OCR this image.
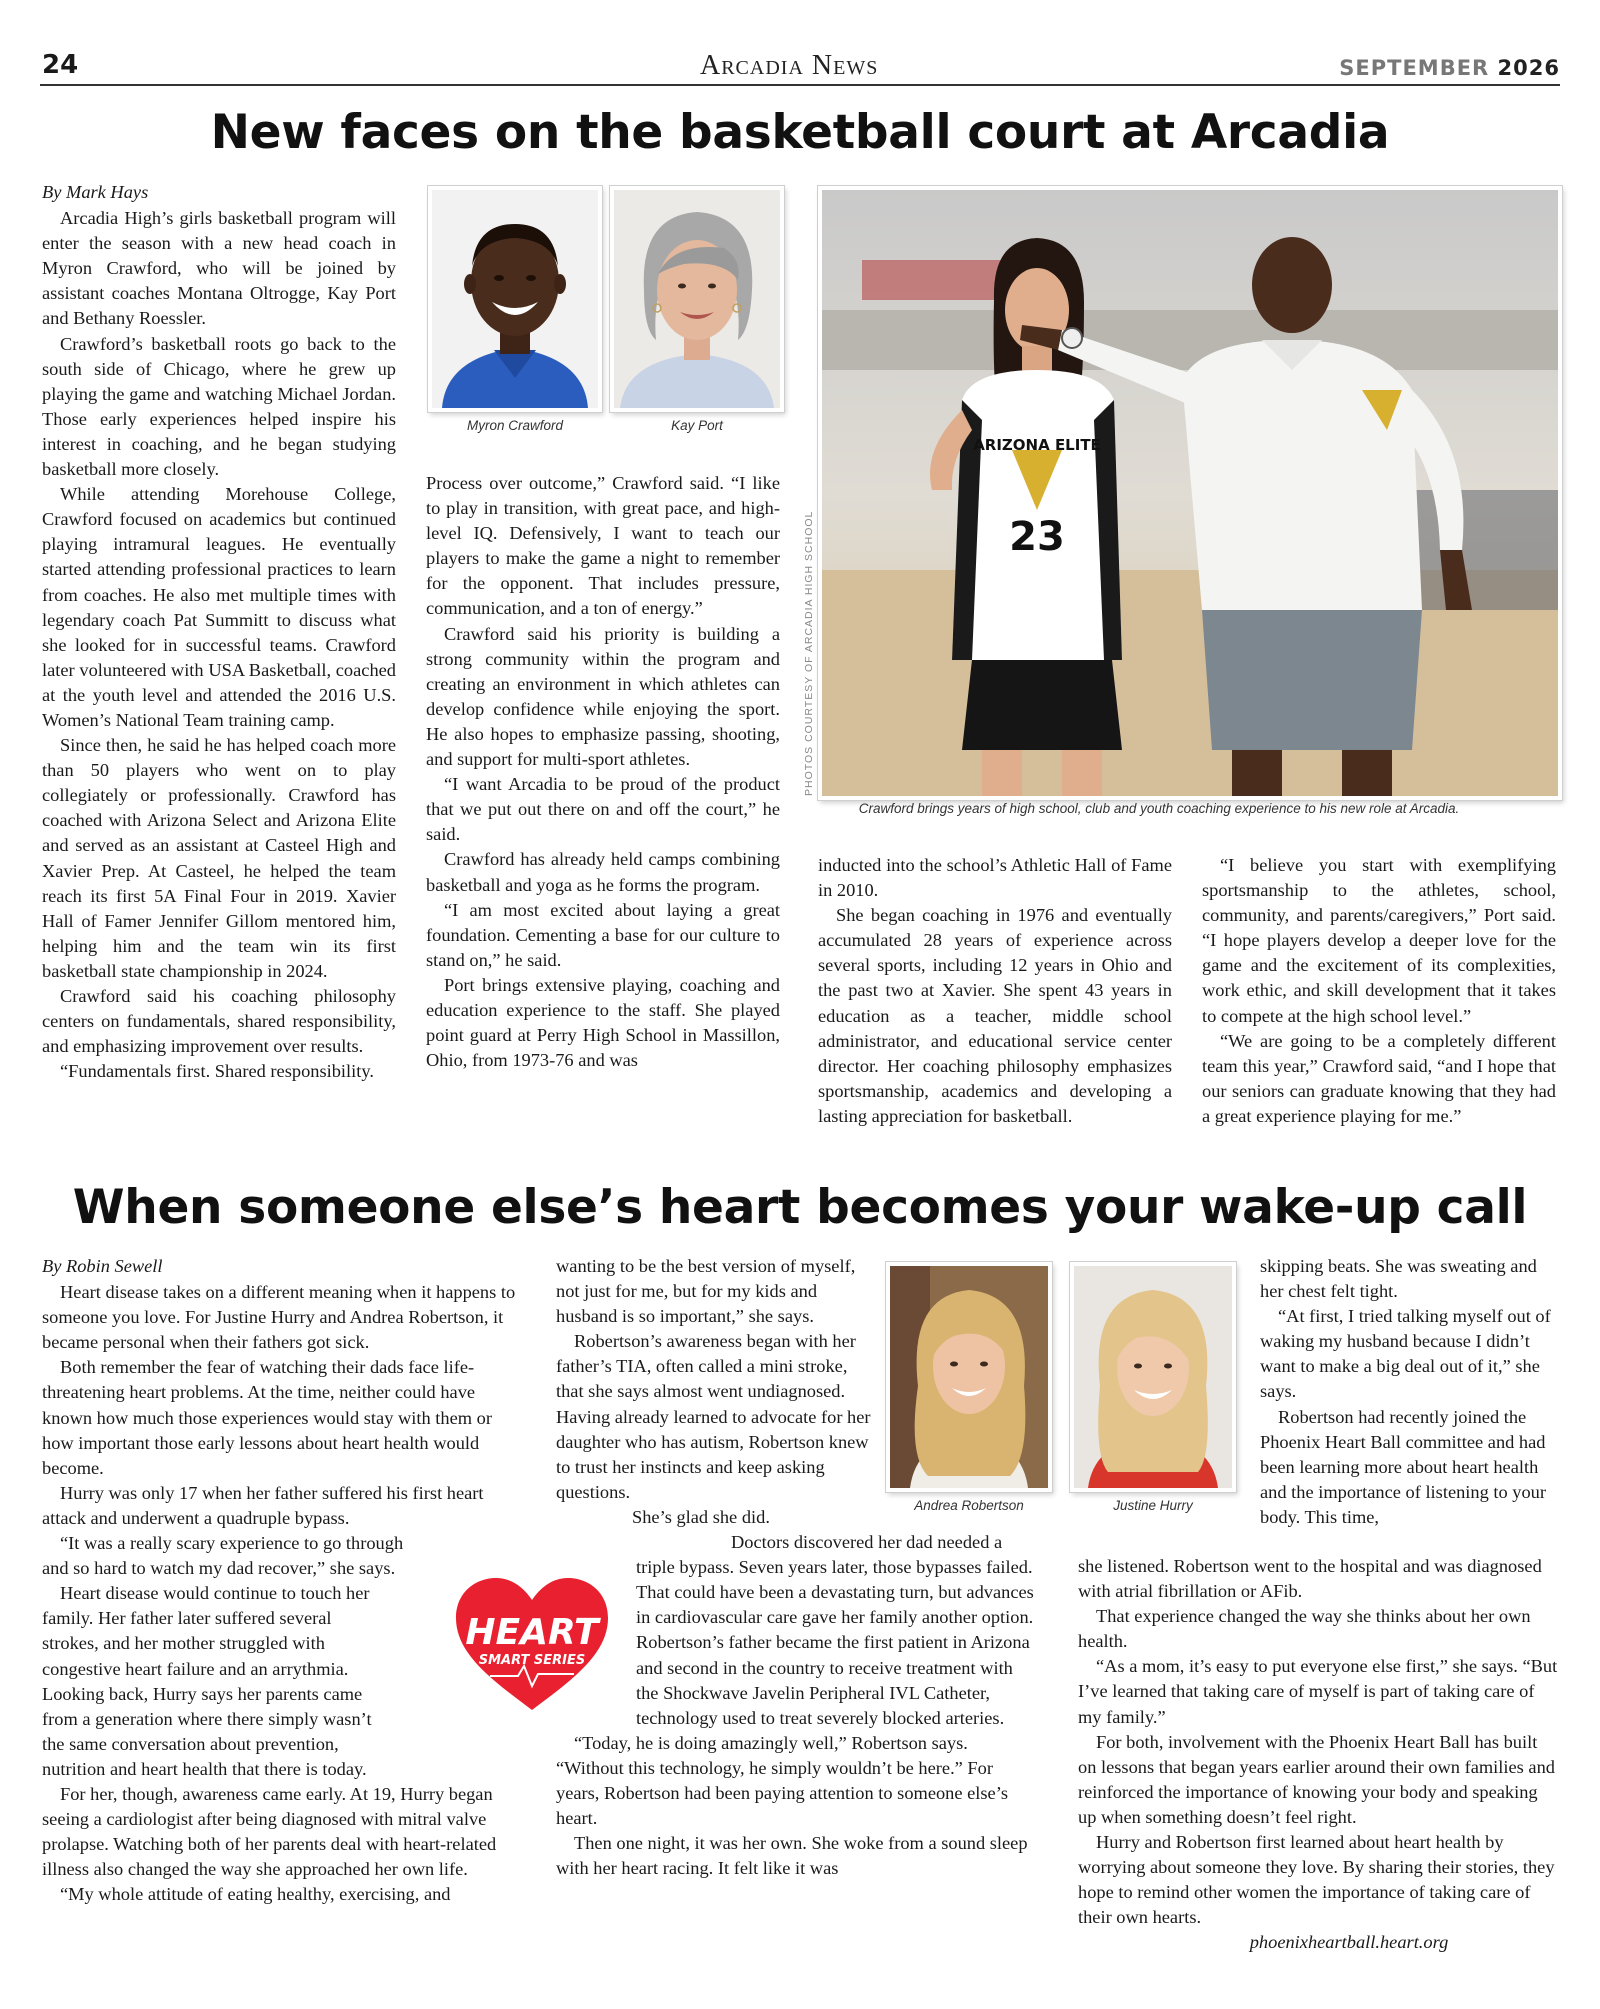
24	Arcadia News	SEPTEMBER 2026
New faces on the basketball court at Arcadia

By Mark Hays

Arcadia High’s girls basketball program will enter the season with a new head coach in Myron Crawford, who will be joined by assistant coaches Montana Oltrogge, Kay Port and Bethany Roessler.

Crawford’s basketball roots go back to the south side of Chicago, where he grew up playing the game and watching Michael Jordan. Those early experiences helped inspire his interest in coaching, and he began studying basketball more closely.

While attending Morehouse College, Crawford focused on academics but continued playing intramural leagues. He eventually started attending professional practices to learn from coaches. He also met multiple times with legendary coach Pat Summitt to discuss what she looked for in successful teams. Crawford later volunteered with USA Basketball, coached at the youth level and attended the 2016 U.S. Women’s National Team training camp.

Since then, he said he has helped coach more than 50 players who went on to play collegiately or professionally. Crawford has coached with Arizona Select and Arizona Elite and served as an assistant at Casteel High and Xavier Prep. At Casteel, he helped the team reach its first 5A Final Four in 2019. Xavier Hall of Famer Jennifer Gillom mentored him, helping him and the team win its first basketball state championship in 2024.

Crawford said his coaching philosophy centers on fundamentals, shared responsibility, and emphasizing improvement over results.

“Fundamentals first. Shared responsibility.

Myron Crawford	Kay Port

Process over outcome,” Crawford said. “I like to play in transition, with great pace, and high-level IQ. Defensively, I want to teach our players to make the game a night to remember for the opponent. That includes pressure, communication, and a ton of energy.”

Crawford said his priority is building a strong community within the program and creating an environment in which athletes can develop confidence while enjoying the sport. He also hopes to emphasize passing, shooting, and support for multi-sport athletes.

“I want Arcadia to be proud of the product that we put out there on and off the court,” he said.

Crawford has already held camps combining basketball and yoga as he forms the program.

“I am most excited about laying a great foundation. Cementing a base for our culture to stand on,” he said.

Port brings extensive playing, coaching and education experience to the staff. She played point guard at Perry High School in Massillon, Ohio, from 1973-76 and was

PHOTOS COURTESY OF ARCADIA HIGH SCHOOL
ARIZONA ELITE
23
Crawford brings years of high school, club and youth coaching experience to his new role at Arcadia.

inducted into the school’s Athletic Hall of Fame in 2010.

She began coaching in 1976 and eventually accumulated 28 years of experience across several sports, including 12 years in Ohio and the past two at Xavier. She spent 43 years in education as a teacher, middle school administrator, and educational service center director. Her coaching philosophy emphasizes sportsmanship, academics and developing a lasting appreciation for basketball.

“I believe you start with exemplifying sportsmanship to the athletes, school, community, and parents/caregivers,” Port said. “I hope players develop a deeper love for the game and the excitement of its complexities, work ethic, and skill development that it takes to compete at the high school level.”

“We are going to be a completely different team this year,” Crawford said, “and I hope that our seniors can graduate knowing that they had a great experience playing for me.”

When someone else’s heart becomes your wake-up call

By Robin Sewell

Heart disease takes on a different meaning when it happens to someone you love. For Justine Hurry and Andrea Robertson, it became personal when their fathers got sick.

Both remember the fear of watching their dads face life-threatening heart problems. At the time, neither could have known how much those experiences would stay with them or how important those early lessons about heart health would become.

Hurry was only 17 when her father suffered his first heart attack and underwent a quadruple bypass.

“It was a really scary experience to go through and so hard to watch my dad recover,” she says.

Heart disease would continue to touch her family. Her father later suffered several strokes, and her mother struggled with congestive heart failure and an arrythmia. Looking back, Hurry says her parents came from a generation where there simply wasn’t the same conversation about prevention, nutrition and heart health that there is today.

For her, though, awareness came early. At 19, Hurry began seeing a cardiologist after being diagnosed with mitral valve prolapse. Watching both of her parents deal with heart-related illness also changed the way she approached her own life.

“My whole attitude of eating healthy, exercising, and

HEART
SMART SERIES

wanting to be the best version of myself, not just for me, but for my kids and husband is so important,” she says.

Robertson’s awareness began with her father’s TIA, often called a mini stroke, that she says almost went undiagnosed. Having already learned to advocate for her daughter who has autism, Robertson knew to trust her instincts and keep asking questions.

She’s glad she did.

Doctors discovered her dad needed a triple bypass. Seven years later, those bypasses failed. That could have been a devastating turn, but advances in cardiovascular care gave her family another option. Robertson’s father became the first patient in Arizona and second in the country to receive treatment with the Shockwave Javelin Peripheral IVL Catheter, technology used to treat severely blocked arteries.

“Today, he is doing amazingly well,” Robertson says. “Without this technology, he simply wouldn’t be here.” For years, Robertson had been paying attention to someone else’s heart.

Then one night, it was her own. She woke from a sound sleep with her heart racing. It felt like it was

Andrea Robertson	Justine Hurry

skipping beats. She was sweating and her chest felt tight.

“At first, I tried talking myself out of waking my husband because I didn’t want to make a big deal out of it,” she says.

Robertson had recently joined the Phoenix Heart Ball committee and had been learning more about heart health and the importance of listening to your body. This time,

she listened. Robertson went to the hospital and was diagnosed with atrial fibrillation or AFib.

That experience changed the way she thinks about her own health.

“As a mom, it’s easy to put everyone else first,” she says. “But I’ve learned that taking care of myself is part of taking care of my family.”

For both, involvement with the Phoenix Heart Ball has built on lessons that began years earlier around their own families and reinforced the importance of knowing your body and speaking up when something doesn’t feel right.

Hurry and Robertson first learned about heart health by worrying about someone they love. By sharing their stories, they hope to remind other women the importance of taking care of their own hearts.

phoenixheartball.heart.org
